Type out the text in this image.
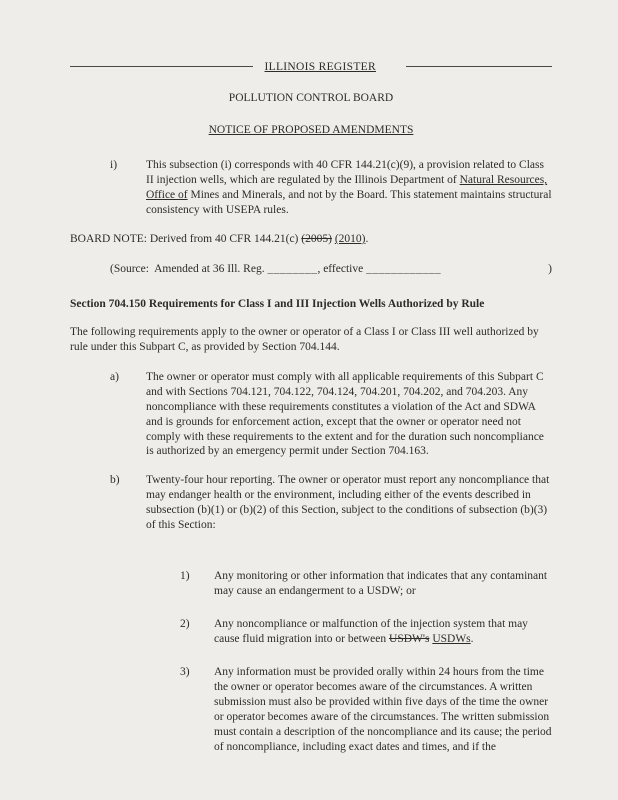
ILLINOIS REGISTER
POLLUTION CONTROL BOARD
NOTICE OF PROPOSED AMENDMENTS
i)	This subsection (i) corresponds with 40 CFR 144.21(c)(9), a provision related to Class II injection wells, which are regulated by the Illinois Department of Natural Resources, Office of Mines and Minerals, and not by the Board. This statement maintains structural consistency with USEPA rules.
BOARD NOTE: Derived from 40 CFR 144.21(c) (2005) (2010).
(Source:  Amended at 36 Ill. Reg. ________ , effective ____________	)
Section 704.150 Requirements for Class I and III Injection Wells Authorized by Rule
The following requirements apply to the owner or operator of a Class I or Class III well authorized by rule under this Subpart C, as provided by Section 704.144.
a)	The owner or operator must comply with all applicable requirements of this Subpart C and with Sections 704.121, 704.122, 704.124, 704.201, 704.202, and 704.203. Any noncompliance with these requirements constitutes a violation of the Act and SDWA and is grounds for enforcement action, except that the owner or operator need not comply with these requirements to the extent and for the duration such noncompliance is authorized by an emergency permit under Section 704.163.
b)	Twenty-four hour reporting. The owner or operator must report any noncompliance that may endanger health or the environment, including either of the events described in subsection (b)(1) or (b)(2) of this Section, subject to the conditions of subsection (b)(3) of this Section:
1)	Any monitoring or other information that indicates that any contaminant may cause an endangerment to a USDW; or
2)	Any noncompliance or malfunction of the injection system that may cause fluid migration into or between USDW's USDWs.
3)	Any information must be provided orally within 24 hours from the time the owner or operator becomes aware of the circumstances. A written submission must also be provided within five days of the time the owner or operator becomes aware of the circumstances. The written submission must contain a description of the noncompliance and its cause; the period of noncompliance, including exact dates and times, and if the
